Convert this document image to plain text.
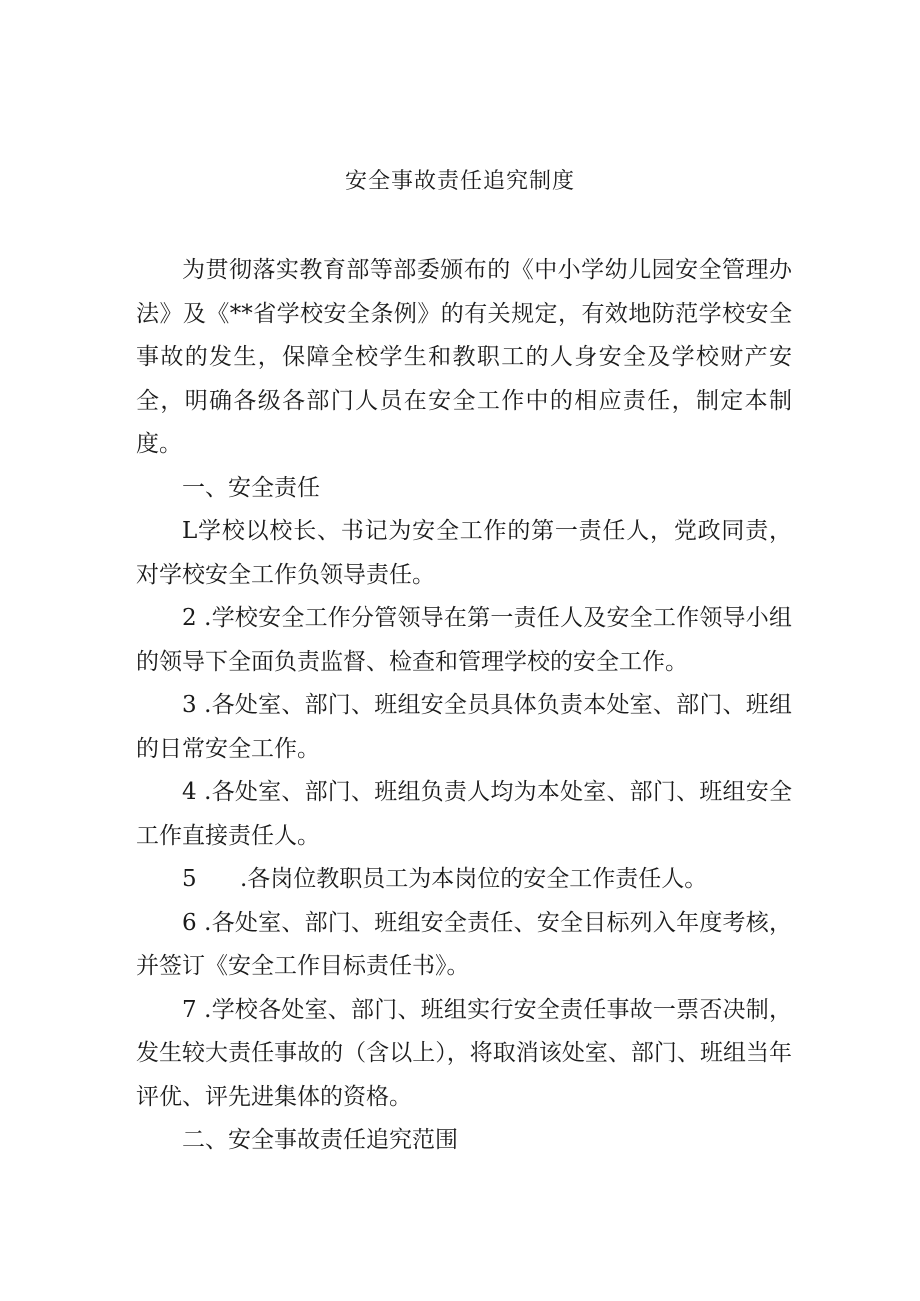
安全事故责任追究制度

为贯彻落实教育部等部委颁布的《中小学幼儿园安全管理办法》及《**省学校安全条例》的有关规定，有效地防范学校安全事故的发生，保障全校学生和教职工的人身安全及学校财产安全，明确各级各部门人员在安全工作中的相应责任，制定本制度。

一、安全责任

L学校以校长、书记为安全工作的第一责任人，党政同责，对学校安全工作负领导责任。

2 .学校安全工作分管领导在第一责任人及安全工作领导小组的领导下全面负责监督、检查和管理学校的安全工作。

3 .各处室、部门、班组安全员具体负责本处室、部门、班组的日常安全工作。

4 .各处室、部门、班组负责人均为本处室、部门、班组安全工作直接责任人。

5 .各岗位教职员工为本岗位的安全工作责任人。

6 .各处室、部门、班组安全责任、安全目标列入年度考核，并签订《安全工作目标责任书》。

7 .学校各处室、部门、班组实行安全责任事故一票否决制，发生较大责任事故的（含以上），将取消该处室、部门、班组当年评优、评先进集体的资格。

二、安全事故责任追究范围
